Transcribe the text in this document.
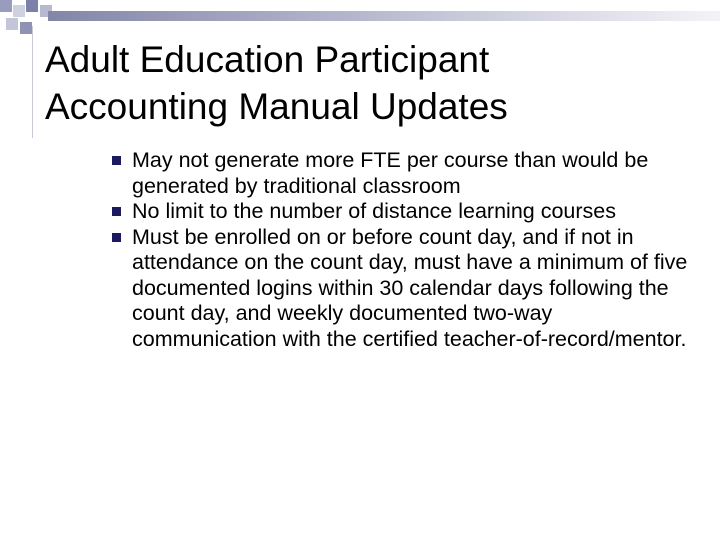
Adult Education Participant
Accounting Manual Updates
May not generate more FTE per course than would be generated by traditional classroom
No limit to the number of distance learning courses
Must be enrolled on or before count day, and if not in attendance on the count day, must have a minimum of five documented logins within 30 calendar days following the count day, and weekly documented two-way communication with the certified teacher-of-record/mentor.
